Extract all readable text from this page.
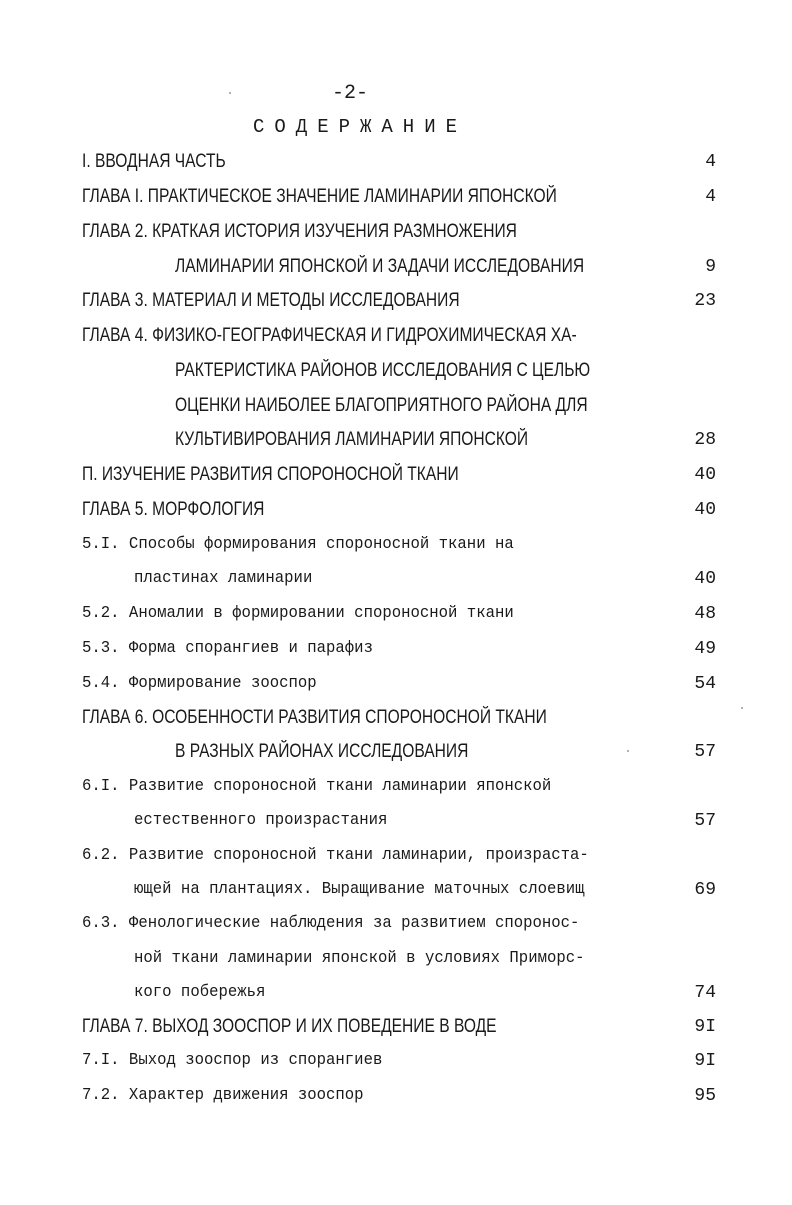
-2-
СОДЕРЖАНИЕ
I. ВВОДНАЯ ЧАСТЬ	4
ГЛАВА I. ПРАКТИЧЕСКОЕ ЗНАЧЕНИЕ ЛАМИНАРИИ ЯПОНСКОЙ	4
ГЛАВА 2. КРАТКАЯ ИСТОРИЯ ИЗУЧЕНИЯ РАЗМНОЖЕНИЯ
ЛАМИНАРИИ ЯПОНСКОЙ И ЗАДАЧИ ИССЛЕДОВАНИЯ	9
ГЛАВА 3. МАТЕРИАЛ И МЕТОДЫ ИССЛЕДОВАНИЯ	23
ГЛАВА 4. ФИЗИКО-ГЕОГРАФИЧЕСКАЯ И ГИДРОХИМИЧЕСКАЯ ХА-
РАКТЕРИСТИКА РАЙОНОВ ИССЛЕДОВАНИЯ С ЦЕЛЬЮ
ОЦЕНКИ НАИБОЛЕЕ БЛАГОПРИЯТНОГО РАЙОНА ДЛЯ
КУЛЬТИВИРОВАНИЯ ЛАМИНАРИИ ЯПОНСКОЙ	28
П. ИЗУЧЕНИЕ РАЗВИТИЯ СПОРОНОСНОЙ ТКАНИ	40
ГЛАВА 5. МОРФОЛОГИЯ	40
5.I. Способы формирования спороносной ткани на
пластинах ламинарии	40
5.2. Аномалии в формировании спороносной ткани	48
5.3. Форма спорангиев и парафиз	49
5.4. Формирование зооспор	54
ГЛАВА 6. ОСОБЕННОСТИ РАЗВИТИЯ СПОРОНОСНОЙ ТКАНИ
В РАЗНЫХ РАЙОНАХ ИССЛЕДОВАНИЯ	57
6.I. Развитие спороносной ткани ламинарии японской
естественного произрастания	57
6.2. Развитие спороносной ткани ламинарии, произраста-
ющей на плантациях. Выращивание маточных слоевищ	69
6.3. Фенологические наблюдения за развитием спороноc-
ной ткани ламинарии японской в условиях Приморс-
кого побережья	74
ГЛАВА 7. ВЫХОД ЗООСПОР И ИХ ПОВЕДЕНИЕ В ВОДЕ	9I
7.I. Выход зооспор из спорангиев	9I
7.2. Характер движения зооспор	95
